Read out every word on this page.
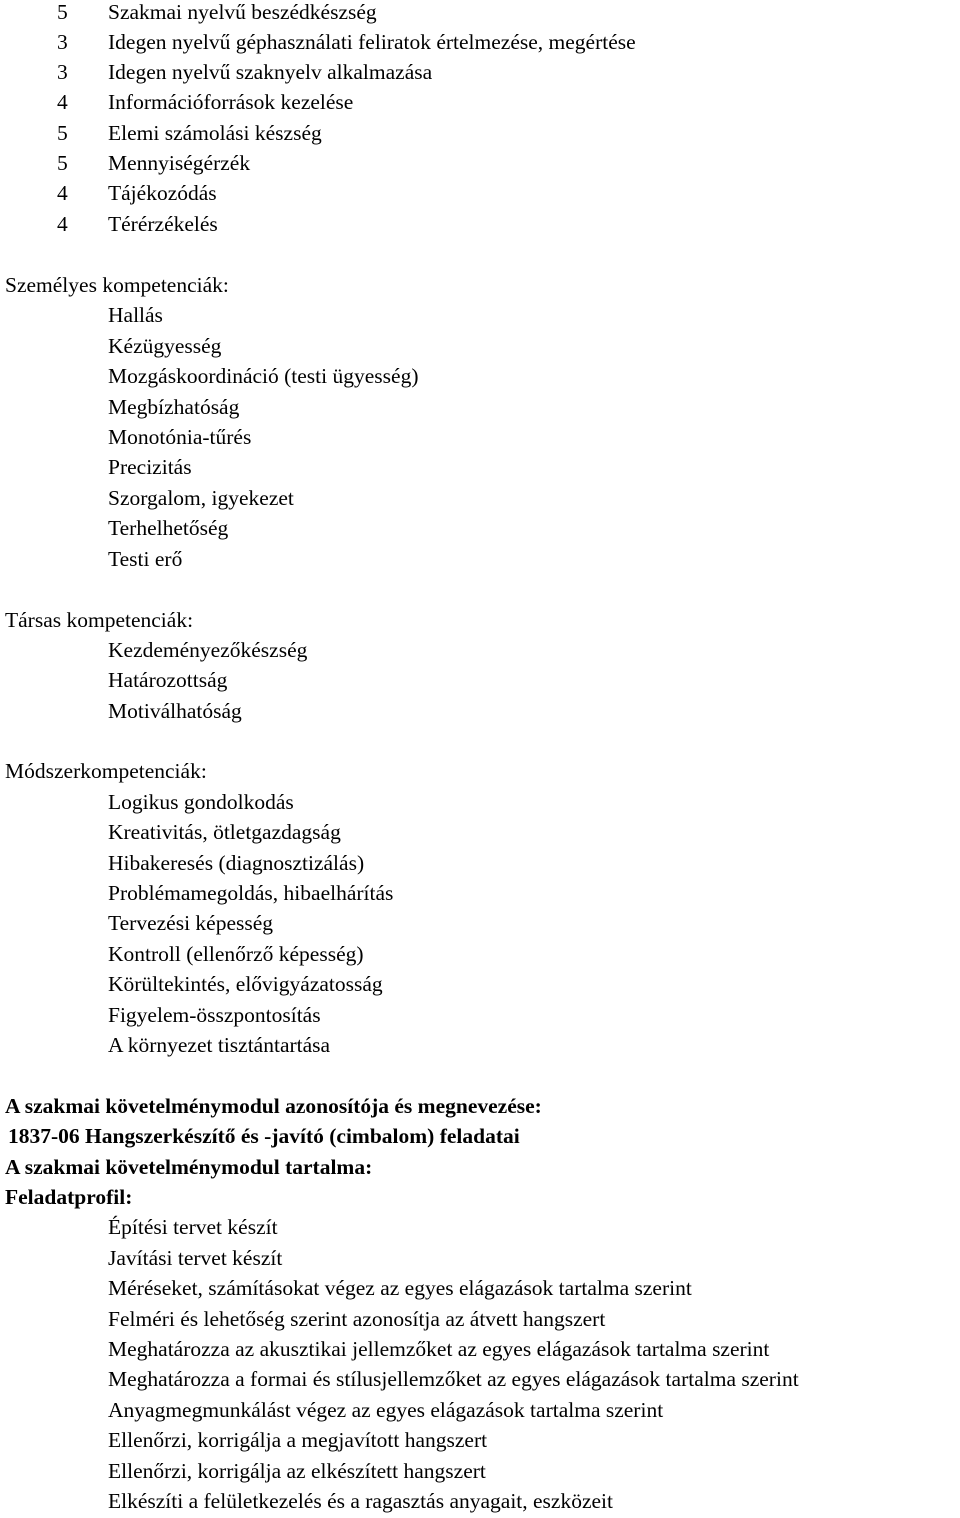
5 Szakmai nyelvű beszédkészség
3 Idegen nyelvű géphasználati feliratok értelmezése, megértése
3 Idegen nyelvű szaknyelv alkalmazása
4 Információforrások kezelése
5 Elemi számolási készség
5 Mennyiségérzék
4 Tájékozódás
4 Térérzékelés
Személyes kompetenciák:
Hallás
Kézügyesség
Mozgáskoordináció (testi ügyesség)
Megbízhatóság
Monotónia-tűrés
Precizitás
Szorgalom, igyekezet
Terhelhetőség
Testi erő
Társas kompetenciák:
Kezdeményezőkészség
Határozottság
Motiválhatóság
Módszerkompetenciák:
Logikus gondolkodás
Kreativitás, ötletgazdagság
Hibakeresés (diagnosztizálás)
Problémamegoldás, hibaelhárítás
Tervezési képesség
Kontroll (ellenőrző képesség)
Körültekintés, elővigyázatosság
Figyelem-összpontosítás
A környezet tisztántartása
A szakmai követelménymodul azonosítója és megnevezése:
1837-06 Hangszerkészítő és -javító (cimbalom) feladatai
A szakmai követelménymodul tartalma:
Feladatprofil:
Építési tervet készít
Javítási tervet készít
Méréseket, számításokat végez az egyes elágazások tartalma szerint
Felméri és lehetőség szerint azonosítja az átvett hangszert
Meghatározza az akusztikai jellemzőket az egyes elágazások tartalma szerint
Meghatározza a formai és stílusjellemzőket az egyes elágazások tartalma szerint
Anyagmegmunkálást végez az egyes elágazások tartalma szerint
Ellenőrzi, korrigálja a megjavított hangszert
Ellenőrzi, korrigálja az elkészített hangszert
Elkészíti a felületkezelés és a ragasztás anyagait, eszközeit
